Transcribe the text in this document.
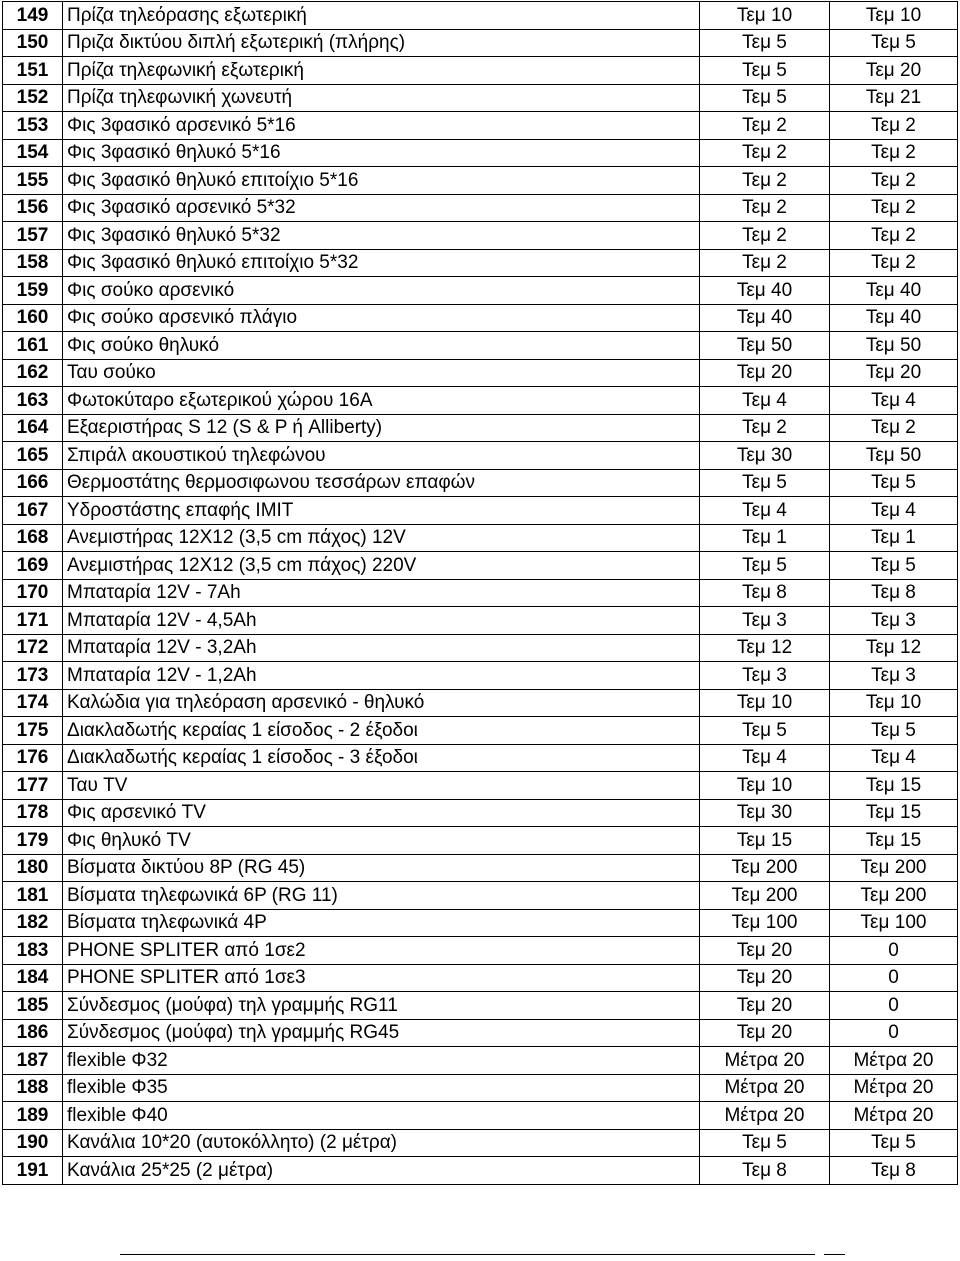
149	Πρίζα τηλεόρασης εξωτερική	Τεμ 10	Τεμ 10
150	Πριζα δικτύου διπλή εξωτερική (πλήρης)	Τεμ 5	Τεμ 5
151	Πρίζα τηλεφωνική εξωτερική	Τεμ 5	Τεμ 20
152	Πρίζα τηλεφωνική χωνευτή	Τεμ 5	Τεμ 21
153	Φις 3φασικό αρσενικό 5*16	Τεμ 2	Τεμ 2
154	Φις 3φασικό θηλυκό 5*16	Τεμ 2	Τεμ 2
155	Φις 3φασικό θηλυκό επιτοίχιο 5*16	Τεμ 2	Τεμ 2
156	Φις 3φασικό αρσενικό 5*32	Τεμ 2	Τεμ 2
157	Φις 3φασικό θηλυκό 5*32	Τεμ 2	Τεμ 2
158	Φις 3φασικό θηλυκό επιτοίχιο 5*32	Τεμ 2	Τεμ 2
159	Φις σούκο αρσενικό	Τεμ 40	Τεμ 40
160	Φις σούκο αρσενικό πλάγιο	Τεμ 40	Τεμ 40
161	Φις σούκο θηλυκό	Τεμ 50	Τεμ 50
162	Ταυ σούκο	Τεμ 20	Τεμ 20
163	Φωτοκύταρο εξωτερικού χώρου 16Α	Τεμ 4	Τεμ 4
164	Εξαεριστήρας S 12 (S & P ή Alliberty)	Τεμ 2	Τεμ 2
165	Σπιράλ ακουστικού τηλεφώνου	Τεμ 30	Τεμ 50
166	Θερμοστάτης θερμοσιφωνου τεσσάρων επαφών	Τεμ 5	Τεμ 5
167	Υδροστάστης επαφής IMIT	Τεμ 4	Τεμ 4
168	Ανεμιστήρας 12Χ12 (3,5 cm πάχος) 12V	Τεμ 1	Τεμ 1
169	Ανεμιστήρας 12Χ12 (3,5 cm πάχος) 220V	Τεμ 5	Τεμ 5
170	Μπαταρία 12V - 7Ah	Τεμ 8	Τεμ 8
171	Μπαταρία 12V - 4,5Ah	Τεμ 3	Τεμ 3
172	Μπαταρία 12V - 3,2Ah	Τεμ 12	Τεμ 12
173	Μπαταρία 12V - 1,2Ah	Τεμ 3	Τεμ 3
174	Καλώδια για τηλεόραση αρσενικό - θηλυκό	Τεμ 10	Τεμ 10
175	Διακλαδωτής κεραίας 1 είσοδος - 2 έξοδοι	Τεμ 5	Τεμ 5
176	Διακλαδωτής κεραίας 1 είσοδος - 3 έξοδοι	Τεμ 4	Τεμ 4
177	Ταυ TV	Τεμ 10	Τεμ 15
178	Φις αρσενικό TV	Τεμ 30	Τεμ 15
179	Φις θηλυκό TV	Τεμ 15	Τεμ 15
180	Βίσματα δικτύου 8P (RG 45)	Τεμ 200	Τεμ 200
181	Βίσματα τηλεφωνικά 6P (RG 11)	Τεμ 200	Τεμ 200
182	Βίσματα τηλεφωνικά 4P	Τεμ 100	Τεμ 100
183	PHONE SPLITER από 1σε2	Τεμ 20	0
184	PHONE SPLITER από 1σε3	Τεμ 20	0
185	Σύνδεσμος (μούφα) τηλ γραμμής RG11	Τεμ 20	0
186	Σύνδεσμος (μούφα) τηλ γραμμής RG45	Τεμ 20	0
187	flexible Φ32	Μέτρα 20	Μέτρα 20
188	flexible Φ35	Μέτρα 20	Μέτρα 20
189	flexible Φ40	Μέτρα 20	Μέτρα 20
190	Κανάλια 10*20 (αυτοκόλλητο) (2 μέτρα)	Τεμ 5	Τεμ 5
191	Κανάλια 25*25 (2 μέτρα)	Τεμ 8	Τεμ 8
